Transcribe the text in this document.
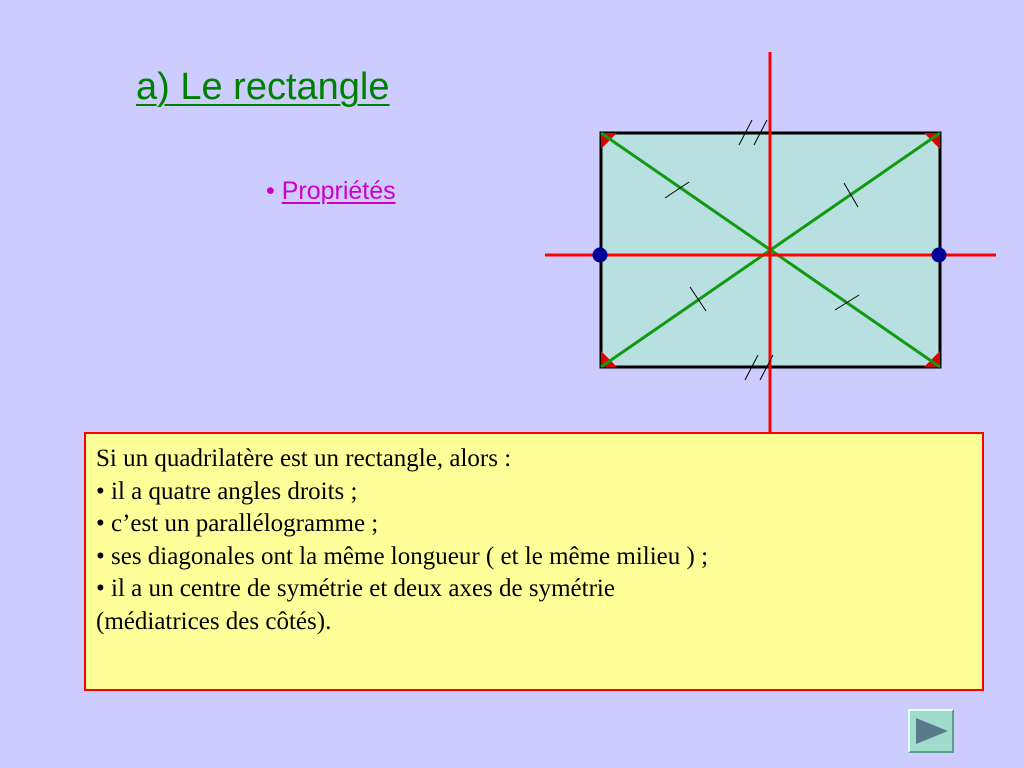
a) Le rectangle
• Propriétés
Si un quadrilatère est un rectangle, alors :
• il a quatre angles droits ;
• c’est un parallélogramme ;
• ses diagonales ont la même longueur ( et le même milieu ) ;
• il a un centre de symétrie et deux axes de symétrie
(médiatrices des côtés).
